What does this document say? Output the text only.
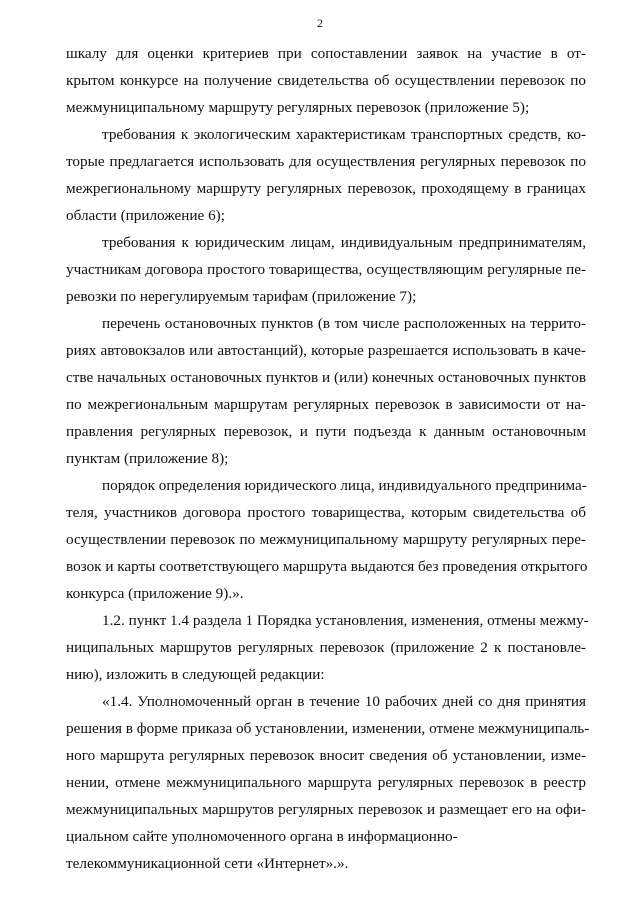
2
шкалу для оценки критериев при сопоставлении заявок на участие в от-
крытом конкурсе на получение свидетельства об осуществлении перевозок по
межмуниципальному маршруту регулярных перевозок (приложение 5);
требования к экологическим характеристикам транспортных средств, ко-
торые предлагается использовать для осуществления регулярных перевозок по
межрегиональному маршруту регулярных перевозок, проходящему в границах
области (приложение 6);
требования к юридическим лицам, индивидуальным предпринимателям,
участникам договора простого товарищества, осуществляющим регулярные пе-
ревозки по нерегулируемым тарифам (приложение 7);
перечень остановочных пунктов (в том числе расположенных на террито-
риях автовокзалов или автостанций), которые разрешается использовать в каче-
стве начальных остановочных пунктов и (или) конечных остановочных пунктов
по межрегиональным маршрутам регулярных перевозок в зависимости от на-
правления регулярных перевозок, и пути подъезда к данным остановочным
пунктам (приложение 8);
порядок определения юридического лица, индивидуального предпринима-
теля, участников договора простого товарищества, которым свидетельства об
осуществлении перевозок по межмуниципальному маршруту регулярных пере-
возок и карты соответствующего маршрута выдаются без проведения открытого
конкурса (приложение 9).».
1.2. пункт 1.4 раздела 1 Порядка установления, изменения, отмены межму-
ниципальных маршрутов регулярных перевозок (приложение 2 к постановле-
нию), изложить в следующей редакции:
«1.4. Уполномоченный орган в течение 10 рабочих дней со дня принятия
решения в форме приказа об установлении, изменении, отмене межмуниципаль-
ного маршрута регулярных перевозок вносит сведения об установлении, изме-
нении, отмене межмуниципального маршрута регулярных перевозок в реестр
межмуниципальных маршрутов регулярных перевозок и размещает его на офи-
циальном сайте уполномоченного органа в информационно-
телекоммуникационной сети «Интернет».».
